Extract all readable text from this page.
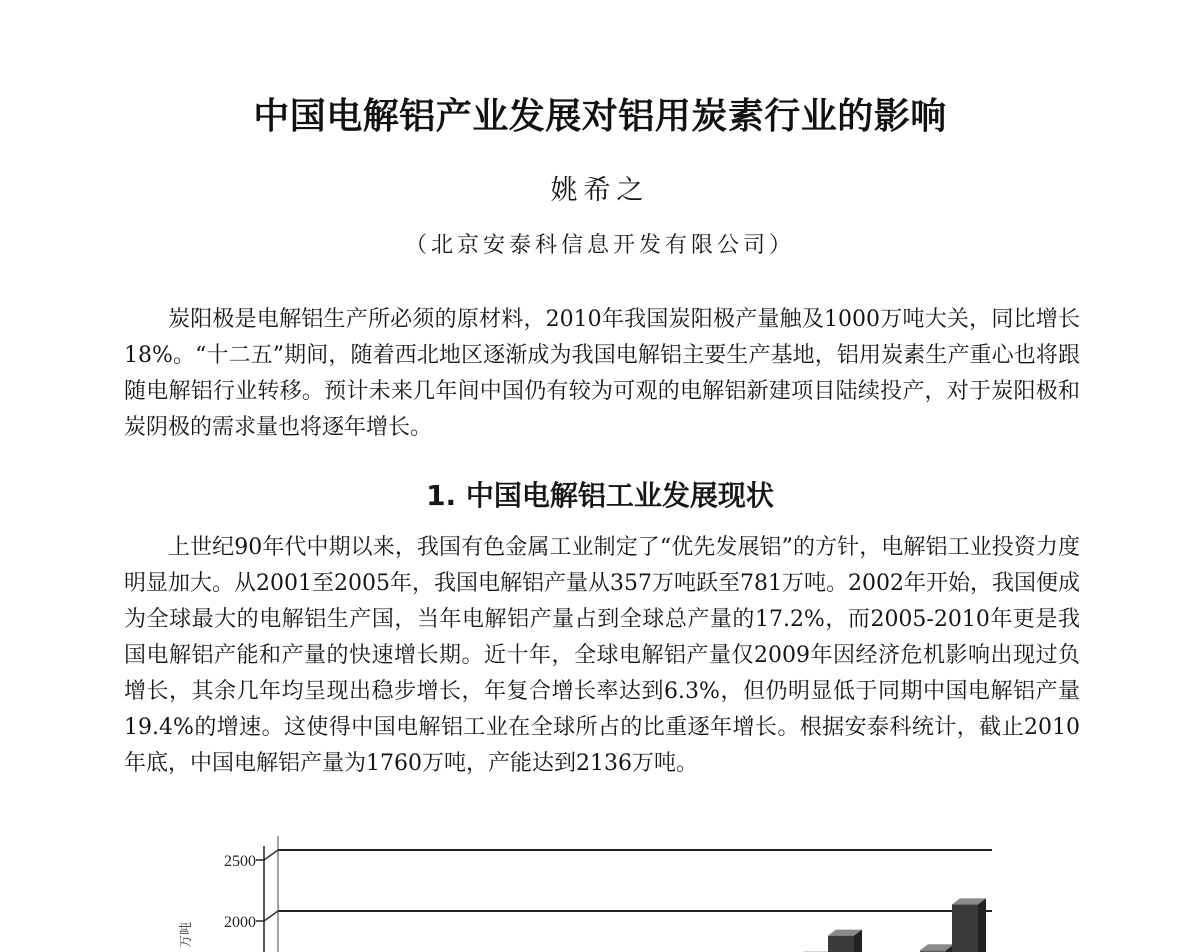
中国电解铝产业发展对铝用炭素行业的影响
姚希之
（北京安泰科信息开发有限公司）

炭阳极是电解铝生产所必须的原材料，2010年我国炭阳极产量触及1000万吨大关，同比增长18%。“十二五”期间，随着西北地区逐渐成为我国电解铝主要生产基地，铝用炭素生产重心也将跟随电解铝行业转移。预计未来几年间中国仍有较为可观的电解铝新建项目陆续投产，对于炭阳极和炭阴极的需求量也将逐年增长。

1. 中国电解铝工业发展现状

上世纪90年代中期以来，我国有色金属工业制定了“优先发展铝”的方针，电解铝工业投资力度明显加大。从2001至2005年，我国电解铝产量从357万吨跃至781万吨。2002年开始，我国便成为全球最大的电解铝生产国，当年电解铝产量占到全球总产量的17.2%，而2005-2010年更是我国电解铝产能和产量的快速增长期。近十年，全球电解铝产量仅2009年因经济危机影响出现过负增长，其余几年均呈现出稳步增长，年复合增长率达到6.3%，但仍明显低于同期中国电解铝产量19.4%的增速。这使得中国电解铝工业在全球所占的比重逐年增长。根据安泰科统计，截止2010年底，中国电解铝产量为1760万吨，产能达到2136万吨。

2500
2000
万吨
